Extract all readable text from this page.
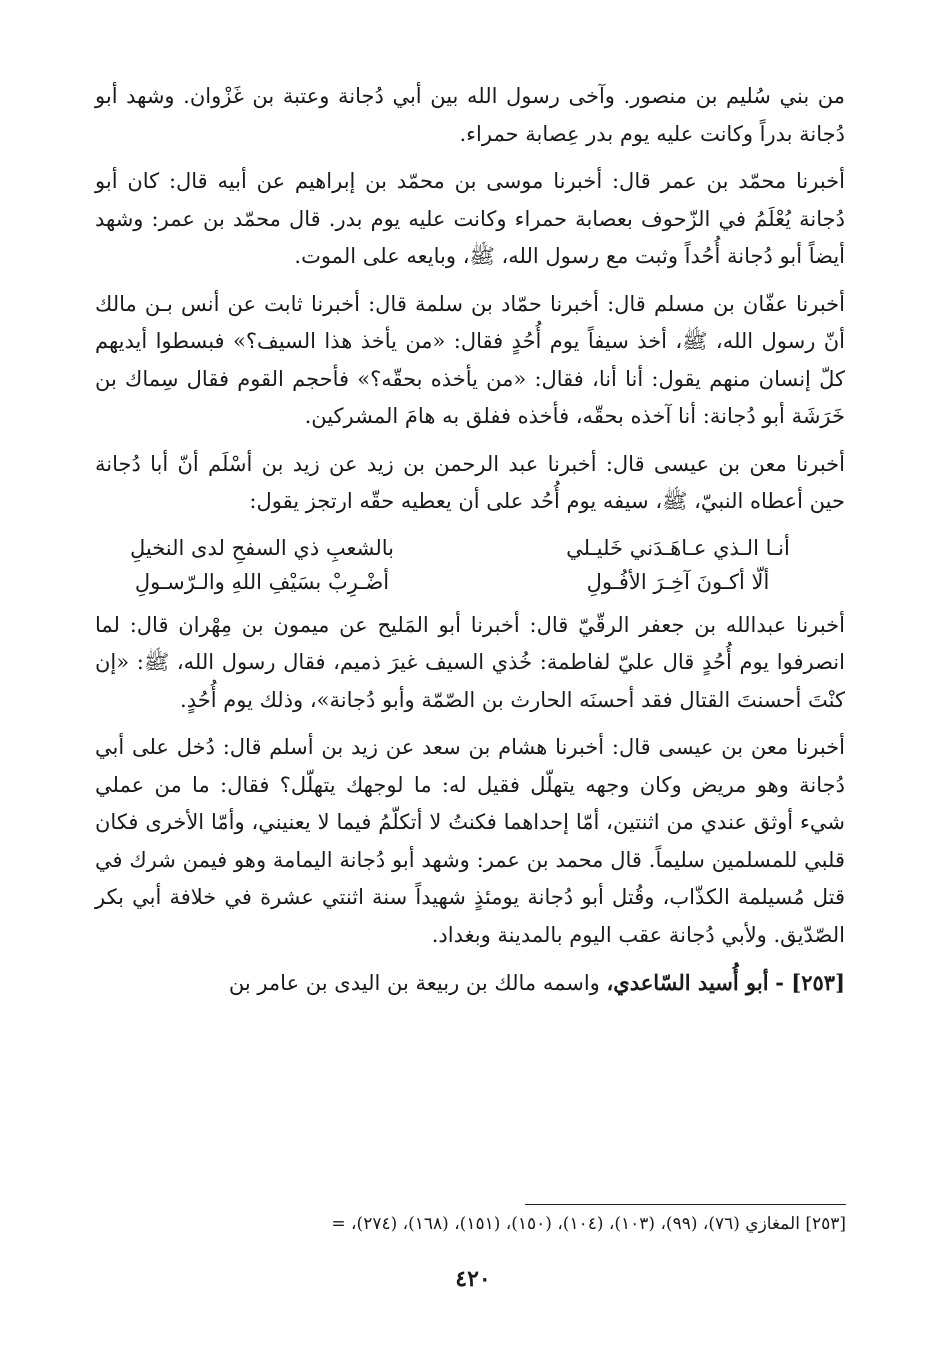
من بني سُليم بن منصور. وآخى رسول الله بين أبي دُجانة وعتبة بن غَزْوان. وشهد أبو دُجانة بدراً وكانت عليه يوم بدر عِصابة حمراء.

أخبرنا محمّد بن عمر قال: أخبرنا موسى بن محمّد بن إبراهيم عن أبيه قال: كان أبو دُجانة يُعْلَمُ في الزّحوف بعصابة حمراء وكانت عليه يوم بدر. قال محمّد بن عمر: وشهد أيضاً أبو دُجانة أُحُداً وثبت مع رسول الله، ﷺ، وبايعه على الموت.

أخبرنا عفّان بن مسلم قال: أخبرنا حمّاد بن سلمة قال: أخبرنا ثابت عن أنس بـن مالك أنّ رسول الله، ﷺ، أخذ سيفاً يوم أُحُدٍ فقال: «من يأخذ هذا السيف؟» فبسطوا أيديهم كلّ إنسان منهم يقول: أنا أنا، فقال: «من يأخذه بحقّه؟» فأحجم القوم فقال سِماك بن خَرَشَة أبو دُجانة: أنا آخذه بحقّه، فأخذه ففلق به هامَ المشركين.

أخبرنا معن بن عيسى قال: أخبرنا عبد الرحمن بن زيد عن زيد بن أسْلَم أنّ أبا دُجانة حين أعطاه النبيّ، ﷺ، سيفه يوم أُحُد على أن يعطيه حقّه ارتجز يقول:

أنـا الـذي عـاهَـدَني خَليـلي
بالشعبِ ذي السفحِ لدى النخيلِ
ألّا أكـونَ آخِـرَ الأفُـولِ
أضْـرِبْ بسَيْفِ اللهِ والـرّسـولِ

أخبرنا عبدالله بن جعفر الرقّيّ قال: أخبرنا أبو المَليح عن ميمون بن مِهْران قال: لما انصرفوا يوم أُحُدٍ قال عليّ لفاطمة: خُذي السيف غيرَ ذميم، فقال رسول الله، ﷺ: «إن كنْتَ أحسنتَ القتال فقد أحسنَه الحارث بن الصّمّة وأبو دُجانة»، وذلك يوم أُحُدٍ.

أخبرنا معن بن عيسى قال: أخبرنا هشام بن سعد عن زيد بن أسلم قال: دُخل على أبي دُجانة وهو مريض وكان وجهه يتهلّل فقيل له: ما لوجهك يتهلّل؟ فقال: ما من عملي شيء أوثق عندي من اثنتين، أمّا إحداهما فكنتُ لا أتكلّمُ فيما لا يعنيني، وأمّا الأخرى فكان قلبي للمسلمين سليماً. قال محمد بن عمر: وشهد أبو دُجانة اليمامة وهو فيمن شرك في قتل مُسيلمة الكذّاب، وقُتل أبو دُجانة يومئذٍ شهيداً سنة اثنتي عشرة في خلافة أبي بكر الصّدّيق. ولأبي دُجانة عقب اليوم بالمدينة وبغداد.

[٢٥٣] - أبو أُسيد السّاعدي، واسمه مالك بن ربيعة بن اليدى بن عامر بن

[٢٥٣] المغازي (٧٦)، (٩٩)، (١٠٣)، (١٠٤)، (١٥٠)، (١٥١)، (١٦٨)، (٢٧٤)، =
٤٢٠
